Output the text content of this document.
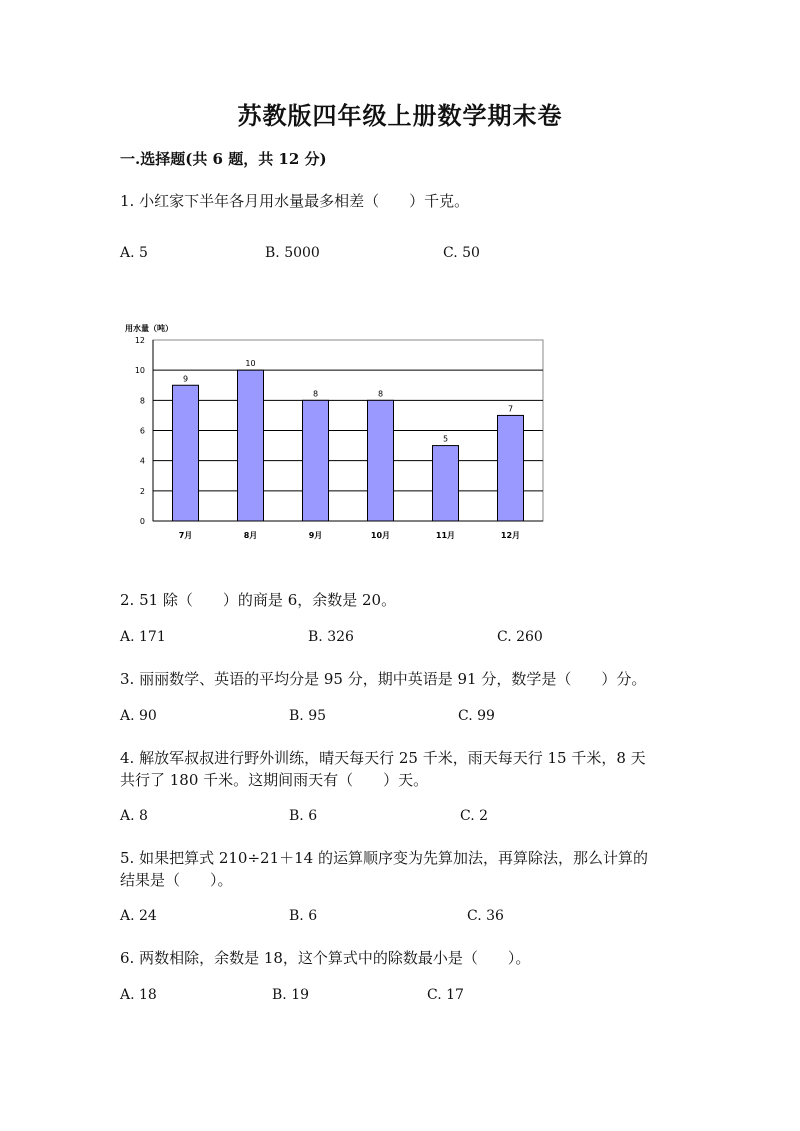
苏教版四年级上册数学期末卷
一.选择题(共 6 题，共 12 分)
1. 小红家下半年各月用水量最多相差（　　）千克。
A. 5	B. 5000	C. 50
用水量（吨）
0
2
4
6
8
10
12
9
10
8	8
5
7
7月	8月	9月	10月	11月	12月
2. 51 除（　　）的商是 6，余数是 20。
A. 171	B. 326	C. 260
3. 丽丽数学、英语的平均分是 95 分，期中英语是 91 分，数学是（　　）分。
A. 90	B. 95	C. 99
4. 解放军叔叔进行野外训练，晴天每天行 25 千米，雨天每天行 15 千米，8 天
共行了 180 千米。这期间雨天有（　　）天。
A. 8	B. 6	C. 2
5. 如果把算式 210÷21＋14 的运算顺序变为先算加法，再算除法，那么计算的
结果是（　　）。
A. 24	B. 6	C. 36
6. 两数相除，余数是 18，这个算式中的除数最小是（　　）。
A. 18	B. 19	C. 17
